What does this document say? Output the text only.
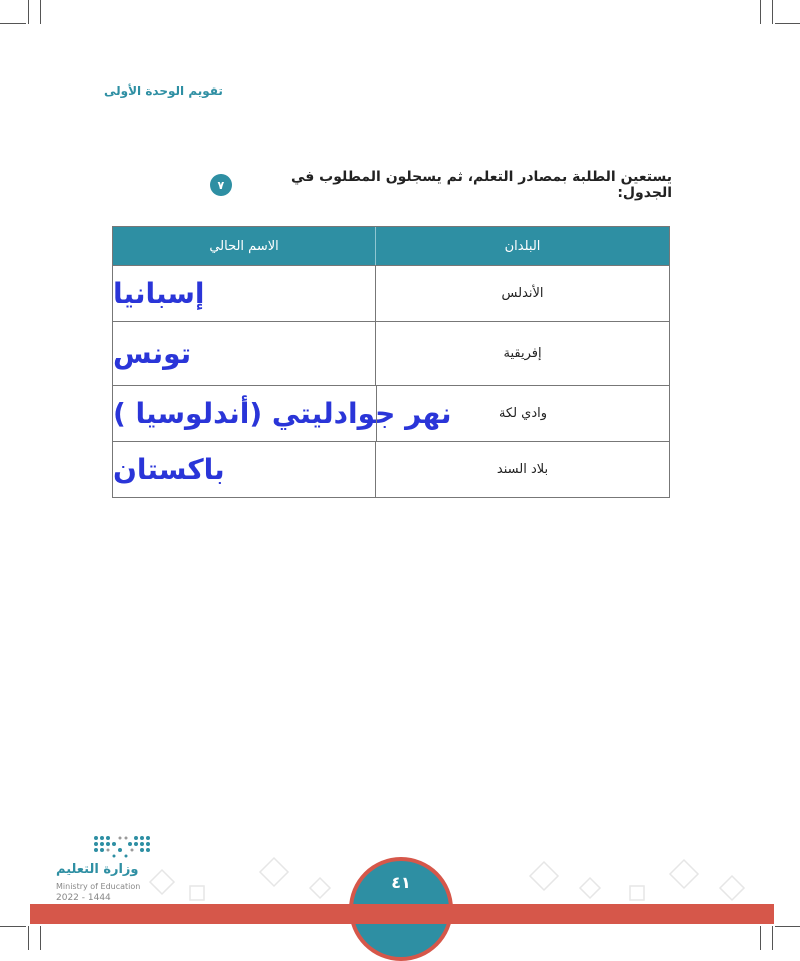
تقويم الوحدة الأولى
٧	يستعين الطلبة بمصادر التعلم، ثم يسجلون المطلوب في الجدول:
البلدان
الاسم الحالي
الأندلس
إسبانيا
إفريقية
تونس
وادي لكة
نهر جوادليتي (أندلوسيا )
بلاد السند
باكستان
وزارة التعليم
Ministry of Education
2022 - 1444
٤١
